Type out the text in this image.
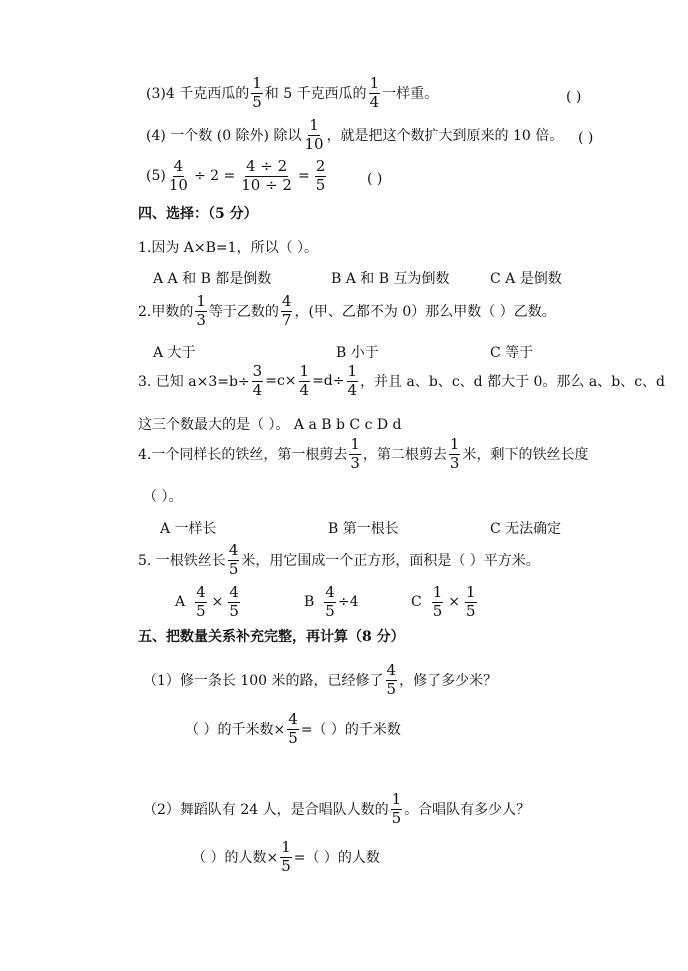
(3)4 千克西瓜的 $\frac{1}{5}$ 和 5 千克西瓜的 $\frac{1}{4}$ 一样重。	( )
(4) 一个数 (0 除外) 除以 $\frac{1}{10}$ ，就是把这个数扩大到原来的 10 倍。 ( )
$(5) \frac{4}{10} \div 2 = \frac{4 \div 2}{10 \div 2} = \frac{2}{5}$	( )
四、选择：（5 分）
1.因为 A×B=1，所以（ ）。
A A 和 B 都是倒数	B A 和 B 互为倒数	C A 是倒数
2.甲数的 $\frac{1}{3}$ 等于乙数的 $\frac{4}{7}$ ，(甲、乙都不为 0）那么甲数（ ）乙数。
A 大于	B 小于	C 等于
3. 已知 $a\times 3=b\div \frac{3}{4} =c\times \frac{1}{4} =d\div \frac{1}{4}$ ，并且 a、b、c、d 都大于 0。那么 a、b、c、d
这三个数最大的是（ ）。 A a B b C c D d
4.一个同样长的铁丝，第一根剪去 $\frac{1}{3}$ ，第二根剪去 $\frac{1}{3}$ 米，剩下的铁丝长度
（ ）。
A 一样长	B 第一根长	C 无法确定
5. 一根铁丝长 $\frac{4}{5}$ 米，用它围成一个正方形，面积是（ ）平方米。
A $\frac{4}{5} \times \frac{4}{5}$	B $\frac{4}{5} \div 4$	C $\frac{1}{5} \times \frac{1}{5}$
五、把数量关系补充完整，再计算（8 分）
（1）修一条长 100 米的路，已经修了 $\frac{4}{5}$ ，修了多少米？
（ ）的千米数× $\frac{4}{5}$ =（ ）的千米数
（2）舞蹈队有 24 人，是合唱队人数的 $\frac{1}{5}$ 。合唱队有多少人？
（ ）的人数× $\frac{1}{5}$ =（ ）的人数
